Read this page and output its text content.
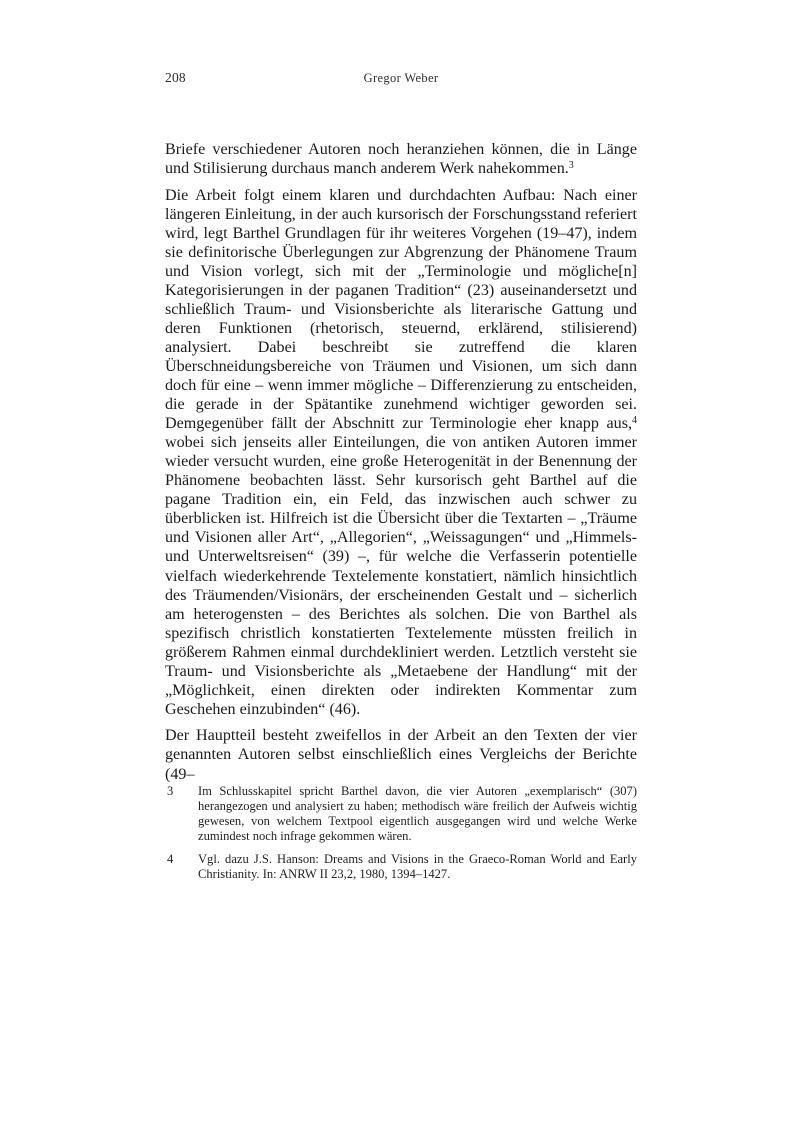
208	Gregor Weber

Briefe verschiedener Autoren noch heranziehen können, die in Länge und Stilisierung durchaus manch anderem Werk nahekommen.$^3$

Die Arbeit folgt einem klaren und durchdachten Aufbau: Nach einer längeren Einleitung, in der auch kursorisch der Forschungsstand referiert wird, legt Barthel Grundlagen für ihr weiteres Vorgehen (19–47), indem sie definitorische Überlegungen zur Abgrenzung der Phänomene Traum und Vision vorlegt, sich mit der „Terminologie und mögliche[n] Kategorisierungen in der paganen Tradition“ (23) auseinandersetzt und schließlich Traum- und Visionsberichte als literarische Gattung und deren Funktionen (rhetorisch, steuernd, erklärend, stilisierend) analysiert. Dabei beschreibt sie zutreffend die klaren Überschneidungsbereiche von Träumen und Visionen, um sich dann doch für eine – wenn immer mögliche – Differenzierung zu entscheiden, die gerade in der Spätantike zunehmend wichtiger geworden sei. Demgegenüber fällt der Abschnitt zur Terminologie eher knapp aus,$^4$ wobei sich jenseits aller Einteilungen, die von antiken Autoren immer wieder versucht wurden, eine große Heterogenität in der Benennung der Phänomene beobachten lässt. Sehr kursorisch geht Barthel auf die pagane Tradition ein, ein Feld, das inzwischen auch schwer zu überblicken ist. Hilfreich ist die Übersicht über die Textarten – „Träume und Visionen aller Art“, „Allegorien“, „Weissagungen“ und „Himmels- und Unterweltsreisen“ (39) –, für welche die Verfasserin potentielle vielfach wiederkehrende Textelemente konstatiert, nämlich hinsichtlich des Träumenden/Visionärs, der erscheinenden Gestalt und – sicherlich am heterogensten – des Berichtes als solchen. Die von Barthel als spezifisch christlich konstatierten Textelemente müssten freilich in größerem Rahmen einmal durchdekliniert werden. Letztlich versteht sie Traum- und Visionsberichte als „Metaebene der Handlung“ mit der „Möglichkeit, einen direkten oder indirekten Kommentar zum Geschehen einzubinden“ (46).

Der Hauptteil besteht zweifellos in der Arbeit an den Texten der vier genannten Autoren selbst einschließlich eines Vergleichs der Berichte (49–

3	Im Schlusskapitel spricht Barthel davon, die vier Autoren „exemplarisch“ (307) herangezogen und analysiert zu haben; methodisch wäre freilich der Aufweis wichtig gewesen, von welchem Textpool eigentlich ausgegangen wird und welche Werke zumindest noch infrage gekommen wären.
4	Vgl. dazu J.S. Hanson: Dreams and Visions in the Graeco-Roman World and Early Christianity. In: ANRW II 23,2, 1980, 1394–1427.
